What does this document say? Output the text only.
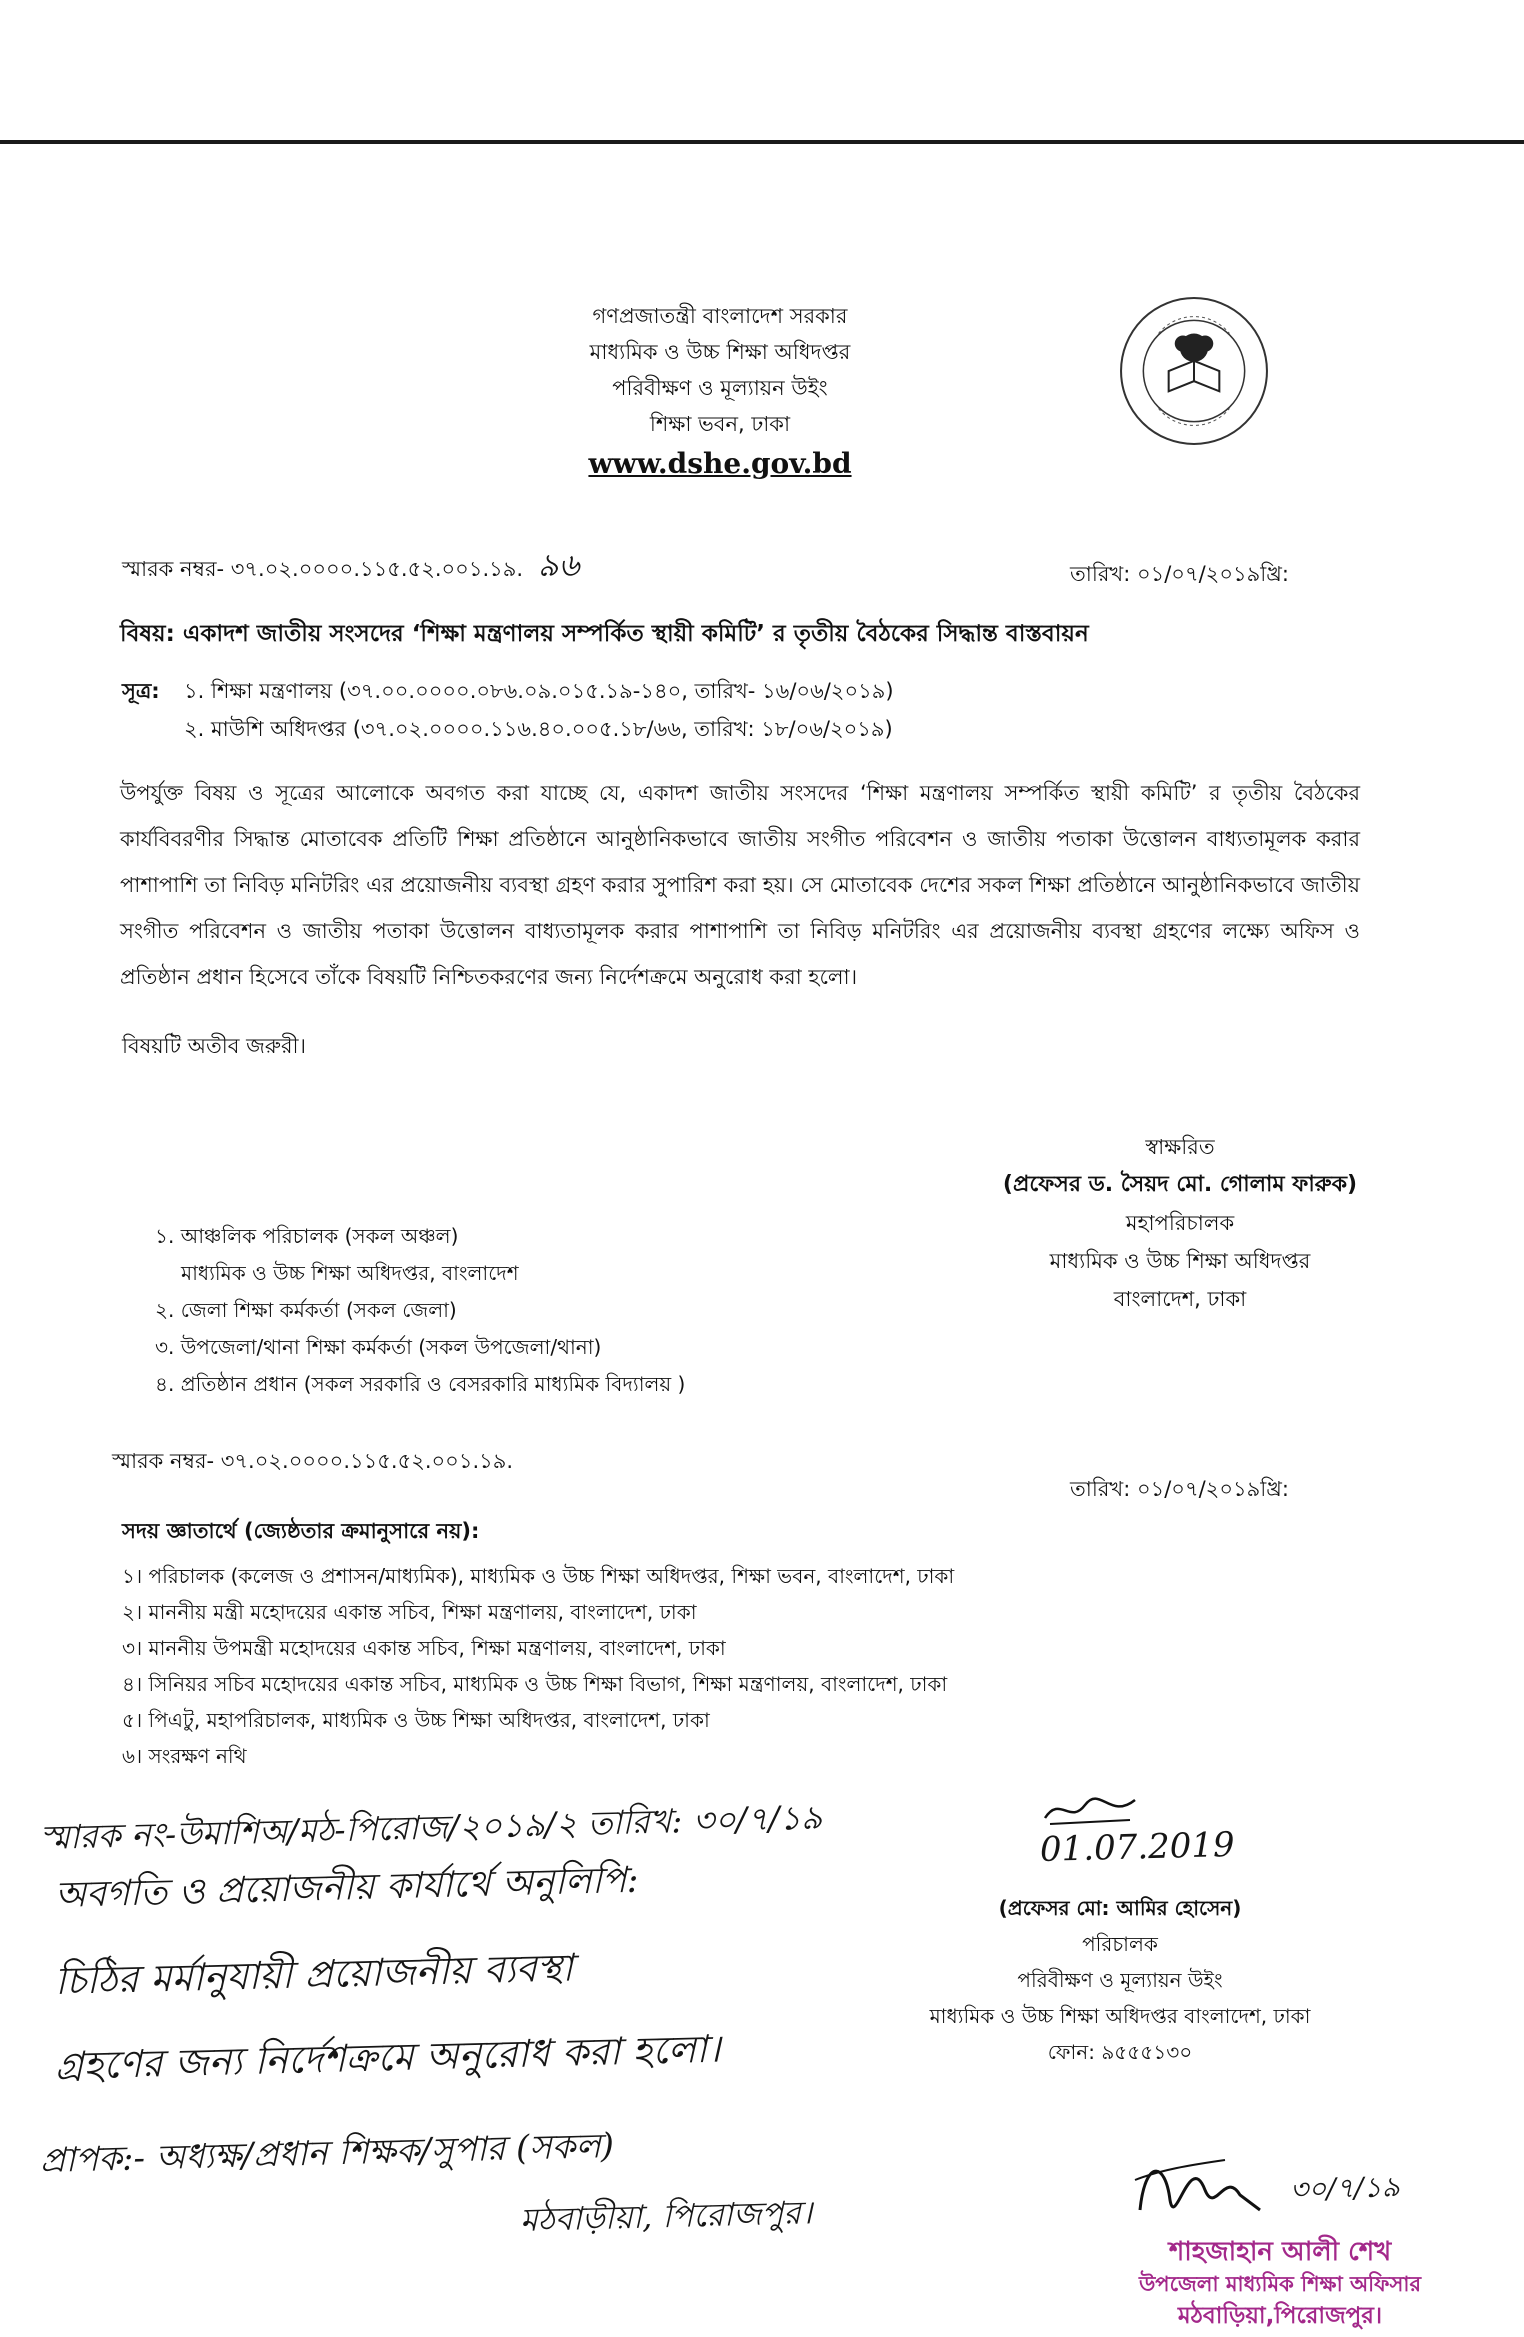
গণপ্রজাতন্ত্রী বাংলাদেশ সরকার
মাধ্যমিক ও উচ্চ শিক্ষা অধিদপ্তর
পরিবীক্ষণ ও মূল্যায়ন উইং
শিক্ষা ভবন, ঢাকা
www.dshe.gov.bd
স্মারক নম্বর- ৩৭.০২.০০০০.১১৫.৫২.০০১.১৯. ৯৬	তারিখ: ০১/০৭/২০১৯খ্রি:
বিষয়: একাদশ জাতীয় সংসদের ‘শিক্ষা মন্ত্রণালয় সম্পর্কিত স্থায়ী কমিটি’ র তৃতীয় বৈঠকের সিদ্ধান্ত বাস্তবায়ন
সূত্র:	১. শিক্ষা মন্ত্রণালয় (৩৭.০০.০০০০.০৮৬.০৯.০১৫.১৯-১৪০, তারিখ- ১৬/০৬/২০১৯)
২. মাউশি অধিদপ্তর (৩৭.০২.০০০০.১১৬.৪০.০০৫.১৮/৬৬, তারিখ: ১৮/০৬/২০১৯)
উপর্যুক্ত বিষয় ও সূত্রের আলোকে অবগত করা যাচ্ছে যে, একাদশ জাতীয় সংসদের ‘শিক্ষা মন্ত্রণালয় সম্পর্কিত স্থায়ী কমিটি’ র তৃতীয় বৈঠকের কার্যবিবরণীর সিদ্ধান্ত মোতাবেক প্রতিটি শিক্ষা প্রতিষ্ঠানে আনুষ্ঠানিকভাবে জাতীয় সংগীত পরিবেশন ও জাতীয় পতাকা উত্তোলন বাধ্যতামূলক করার পাশাপাশি তা নিবিড় মনিটরিং এর প্রয়োজনীয় ব্যবস্থা গ্রহণ করার সুপারিশ করা হয়। সে মোতাবেক দেশের সকল শিক্ষা প্রতিষ্ঠানে আনুষ্ঠানিকভাবে জাতীয় সংগীত পরিবেশন ও জাতীয় পতাকা উত্তোলন বাধ্যতামূলক করার পাশাপাশি তা নিবিড় মনিটরিং এর প্রয়োজনীয় ব্যবস্থা গ্রহণের লক্ষ্যে অফিস ও প্রতিষ্ঠান প্রধান হিসেবে তাঁকে বিষয়টি নিশ্চিতকরণের জন্য নির্দেশক্রমে অনুরোধ করা হলো।
বিষয়টি অতীব জরুরী।
স্বাক্ষরিত
(প্রফেসর ড. সৈয়দ মো. গোলাম ফারুক)
মহাপরিচালক
মাধ্যমিক ও উচ্চ শিক্ষা অধিদপ্তর
বাংলাদেশ, ঢাকা
১. আঞ্চলিক পরিচালক (সকল অঞ্চল)
মাধ্যমিক ও উচ্চ শিক্ষা অধিদপ্তর, বাংলাদেশ
২. জেলা শিক্ষা কর্মকর্তা (সকল জেলা)
৩. উপজেলা/থানা শিক্ষা কর্মকর্তা (সকল উপজেলা/থানা)
৪. প্রতিষ্ঠান প্রধান (সকল সরকারি ও বেসরকারি মাধ্যমিক বিদ্যালয় )
স্মারক নম্বর- ৩৭.০২.০০০০.১১৫.৫২.০০১.১৯.
তারিখ: ০১/০৭/২০১৯খ্রি:
সদয় জ্ঞাতার্থে (জ্যেষ্ঠতার ক্রমানুসারে নয়):
১। পরিচালক (কলেজ ও প্রশাসন/মাধ্যমিক), মাধ্যমিক ও উচ্চ শিক্ষা অধিদপ্তর, শিক্ষা ভবন, বাংলাদেশ, ঢাকা
২। মাননীয় মন্ত্রী মহোদয়ের একান্ত সচিব, শিক্ষা মন্ত্রণালয়, বাংলাদেশ, ঢাকা
৩। মাননীয় উপমন্ত্রী মহোদয়ের একান্ত সচিব, শিক্ষা মন্ত্রণালয়, বাংলাদেশ, ঢাকা
৪। সিনিয়র সচিব মহোদয়ের একান্ত সচিব, মাধ্যমিক ও উচ্চ শিক্ষা বিভাগ, শিক্ষা মন্ত্রণালয়, বাংলাদেশ, ঢাকা
৫। পিএটু, মহাপরিচালক, মাধ্যমিক ও উচ্চ শিক্ষা অধিদপ্তর, বাংলাদেশ, ঢাকা
৬। সংরক্ষণ নথি
স্মারক নং-উমাশিঅ/মঠ-পিরোজ/২০১৯/২ তারিখ: ৩০/৭/১৯
অবগতি ও প্রয়োজনীয় কার্যার্থে অনুলিপি:
চিঠির মর্মানুযায়ী প্রয়োজনীয় ব্যবস্থা
গ্রহণের জন্য নির্দেশক্রমে অনুরোধ করা হলো।
প্রাপক:- অধ্যক্ষ/প্রধান শিক্ষক/সুপার (সকল)
মঠবাড়ীয়া, পিরোজপুর।
01.07.2019
(প্রফেসর মো: আমির হোসেন)
পরিচালক
পরিবীক্ষণ ও মূল্যায়ন উইং
মাধ্যমিক ও উচ্চ শিক্ষা অধিদপ্তর বাংলাদেশ, ঢাকা
ফোন: ৯৫৫৫১৩০
৩০/৭/১৯
শাহজাহান আলী শেখ
উপজেলা মাধ্যমিক শিক্ষা অফিসার
মঠবাড়িয়া,পিরোজপুর।
